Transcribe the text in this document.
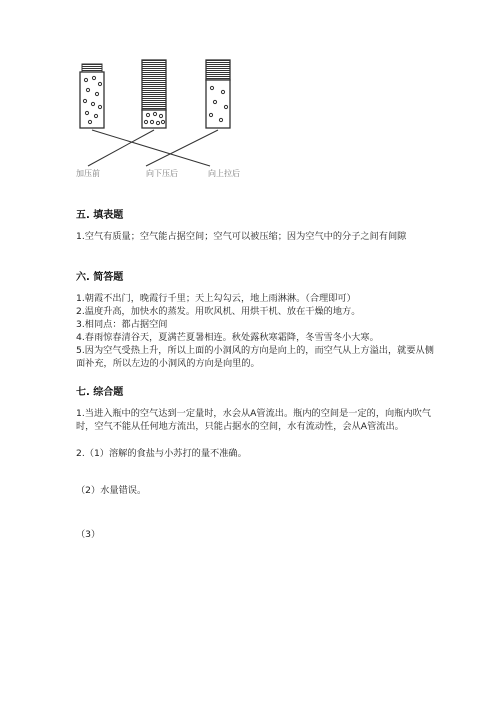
加压前	向下压后	向上拉后
五. 填表题
1.空气有质量；空气能占据空间；空气可以被压缩；因为空气中的分子之间有间隙
六. 简答题
1.朝霞不出门，晚霞行千里；天上勾勾云，地上雨淋淋。（合理即可）
2.温度升高，加快水的蒸发。用吹风机、用烘干机、放在干燥的地方。
3.相同点：都占据空间
4.春雨惊春清谷天，夏满芒夏暑相连。秋处露秋寒霜降，冬雪雪冬小大寒。
5.因为空气受热上升，所以上面的小洞风的方向是向上的，而空气从上方溢出，就要从侧面补充，所以左边的小洞风的方向是向里的。
七. 综合题
1.当进入瓶中的空气达到一定量时，水会从A管流出。瓶内的空间是一定的，向瓶内吹气时，空气不能从任何地方流出，只能占据水的空间，水有流动性，会从A管流出。
2.（1）溶解的食盐与小苏打的量不准确。
（2）水量错误。
（3）
